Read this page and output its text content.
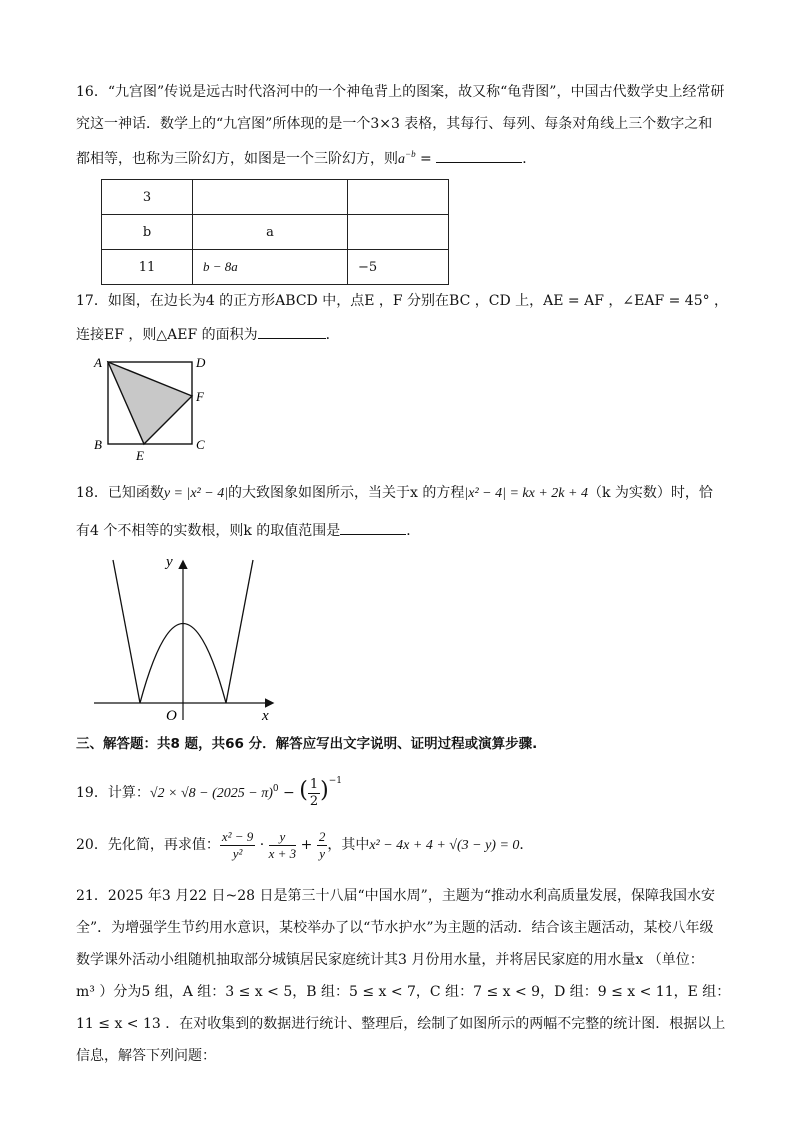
16．“九宫图”传说是远古时代洛河中的一个神龟背上的图案，故又称“龟背图”，中国古代数学史上经常研
究这一神话．数学上的“九宫图”所体现的是一个3×3 表格，其每行、每列、每条对角线上三个数字之和
都相等，也称为三阶幻方，如图是一个三阶幻方，则$a^{-b}$ =	．
3		
b	a	
11	b − 8a	−5
17．如图，在边长为4 的正方形ABCD 中，点E ，F 分别在BC ，CD 上，AE = AF ，∠EAF = 45° ，
连接EF ，则△AEF 的面积为	．
A	D
F
B	C
E
18．已知函数y = |x² − 4|的大致图象如图所示，当关于x 的方程|x² − 4| = kx + 2k + 4（k 为实数）时，恰
有4 个不相等的实数根，则k 的取值范围是	．
y
x
O
三、解答题：共8 题，共66 分．解答应写出文字说明、证明过程或演算步骤.
19．计算：$√2 \times √8 - (2025 - \pi)^0$ − ( $\frac{1}{2} )^{-1}$
20．先化简，再求值： $\frac{\text{x² − 9}}{\text{y²}} \cdot \frac{y}{x + 3} + \frac{2}{y}$ ，其中x² − 4x + 4 + √(3 − y) = 0．
21．2025 年3 月22 日~28 日是第三十八届“中国水周”，主题为“推动水利高质量发展，保障我国水安
全”．为增强学生节约用水意识，某校举办了以“节水护水”为主题的活动．结合该主题活动，某校八年级
数学课外活动小组随机抽取部分城镇居民家庭统计其3 月份用水量，并将居民家庭的用水量x （单位：
m³ ）分为5 组，A 组：3 ≤ x < 5，B 组：5 ≤ x < 7，C 组：7 ≤ x < 9，D 组：9 ≤ x < 11，E 组：
11 ≤ x < 13 ．在对收集到的数据进行统计、整理后，绘制了如图所示的两幅不完整的统计图．根据以上
信息，解答下列问题：
